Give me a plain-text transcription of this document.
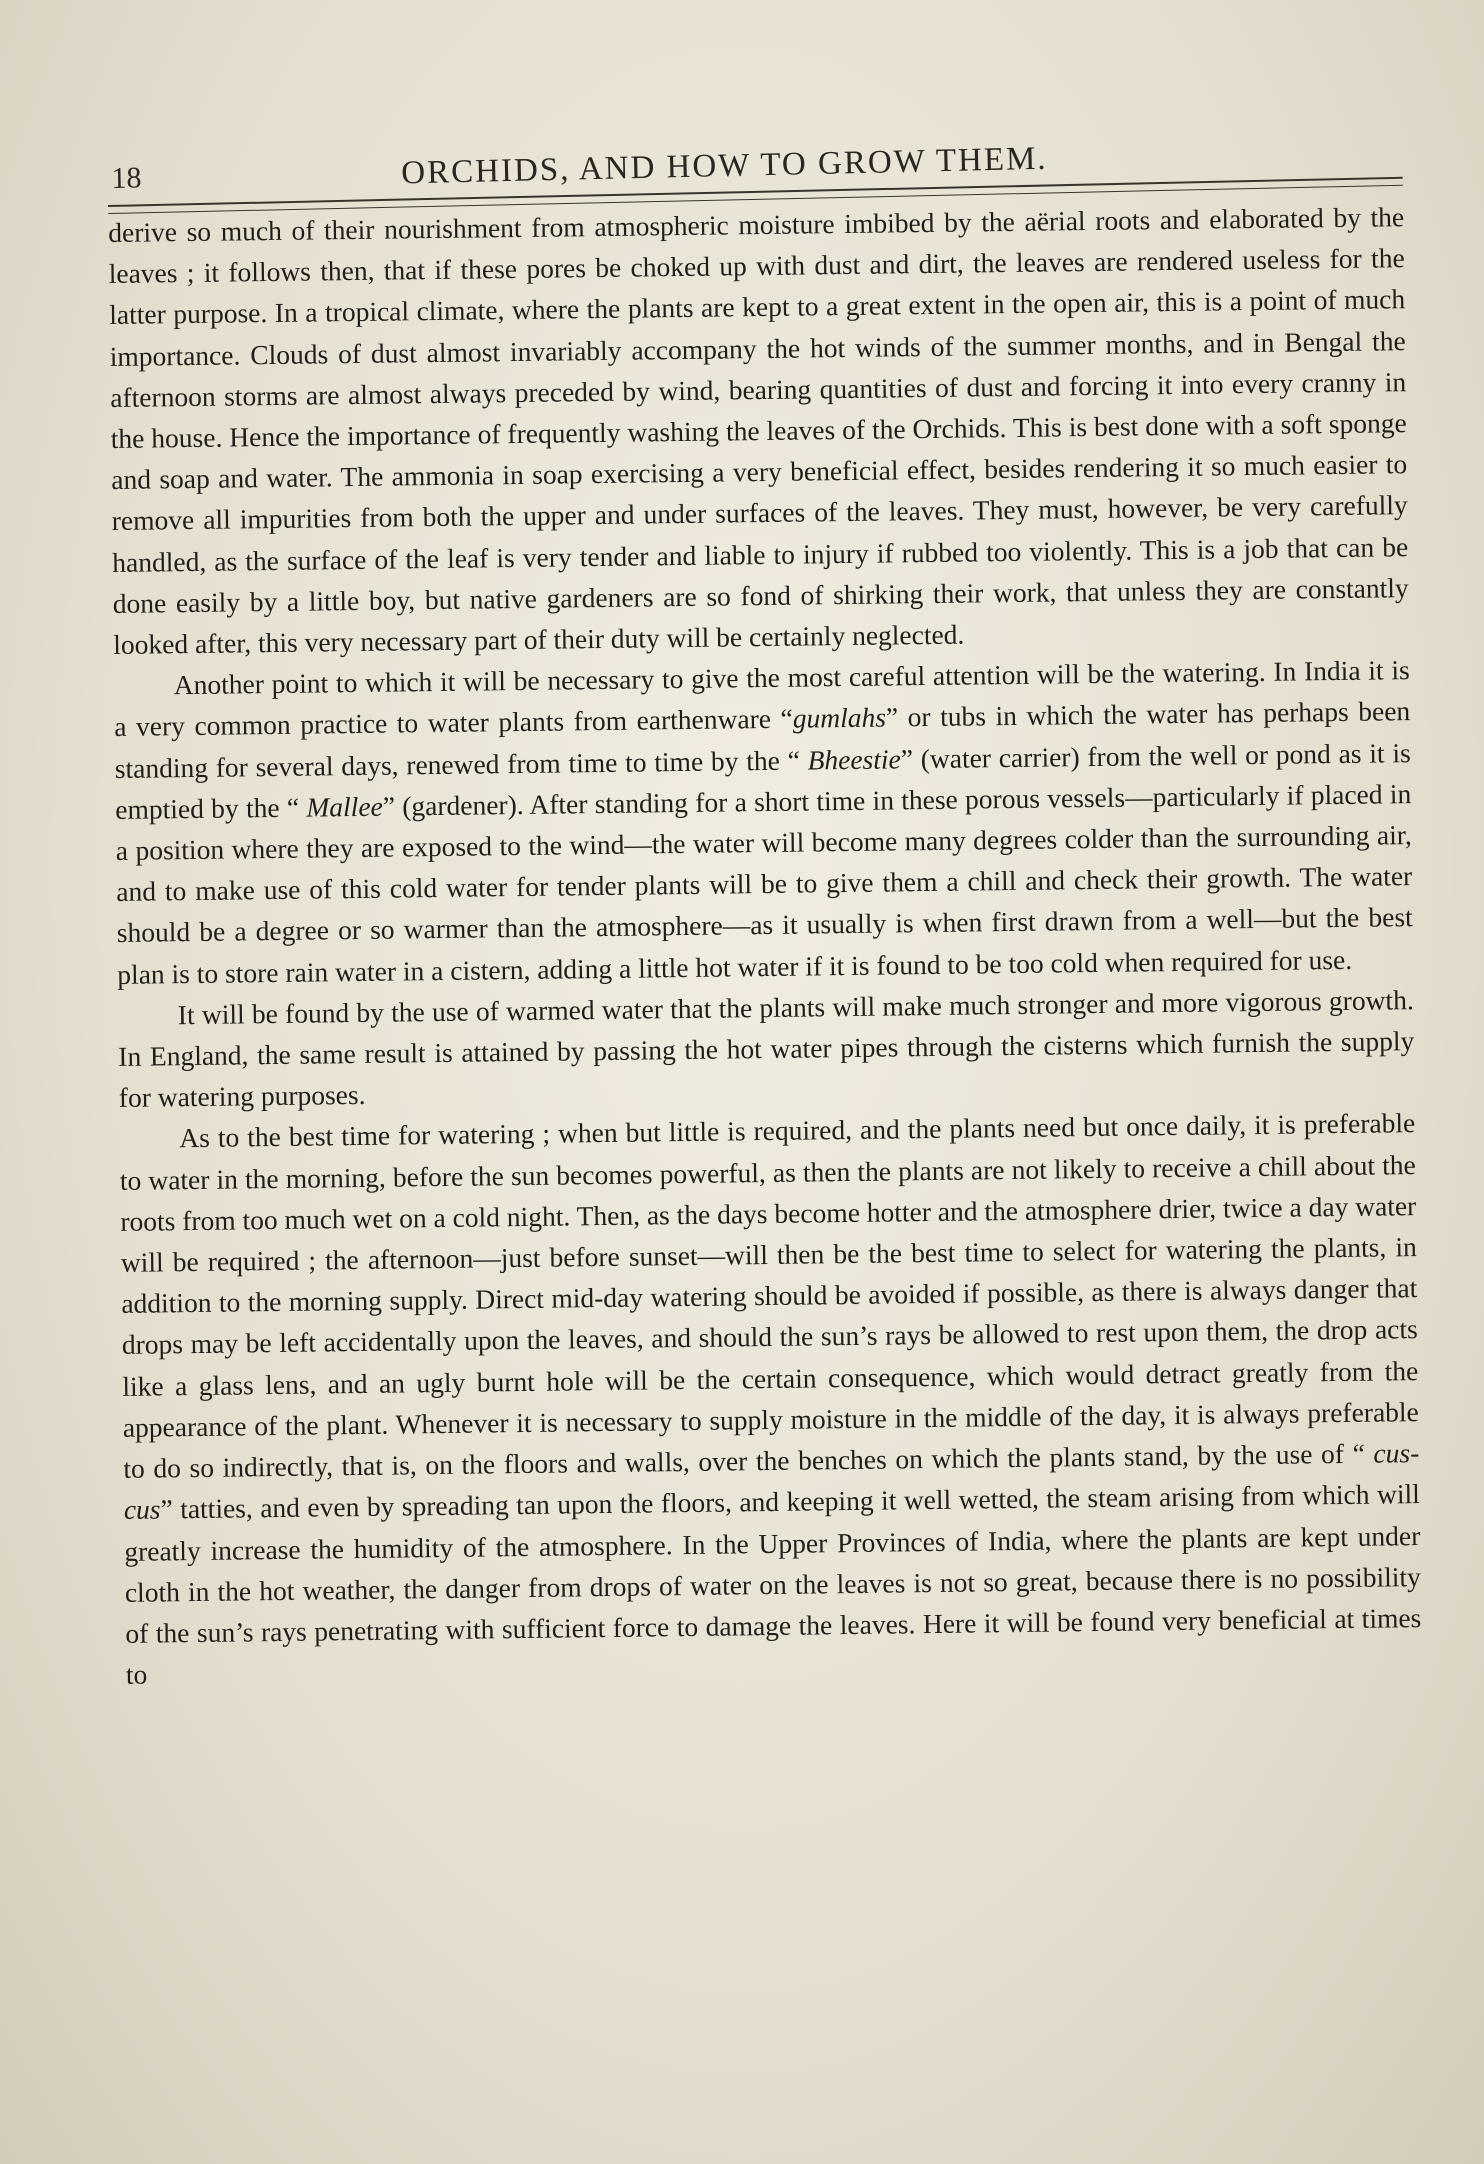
18	ORCHIDS, AND HOW TO GROW THEM.

derive so much of their nourishment from atmospheric moisture imbibed by the aërial roots and elaborated by the leaves ; it follows then, that if these pores be choked up with dust and dirt, the leaves are rendered useless for the latter purpose. In a tropical climate, where the plants are kept to a great extent in the open air, this is a point of much importance. Clouds of dust almost invariably accompany the hot winds of the summer months, and in Bengal the afternoon storms are almost always preceded by wind, bearing quantities of dust and forcing it into every cranny in the house. Hence the importance of frequently washing the leaves of the Orchids. This is best done with a soft sponge and soap and water. The ammonia in soap exercising a very beneficial effect, besides rendering it so much easier to remove all impurities from both the upper and under surfaces of the leaves. They must, however, be very carefully handled, as the surface of the leaf is very tender and liable to injury if rubbed too violently. This is a job that can be done easily by a little boy, but native gardeners are so fond of shirking their work, that unless they are constantly looked after, this very necessary part of their duty will be certainly neglected.

Another point to which it will be necessary to give the most careful attention will be the watering. In India it is a very common practice to water plants from earthenware “gumlahs” or tubs in which the water has perhaps been standing for several days, renewed from time to time by the “ Bheestie” (water carrier) from the well or pond as it is emptied by the “ Mallee” (gardener). After standing for a short time in these porous vessels—particularly if placed in a position where they are exposed to the wind—the water will become many degrees colder than the surrounding air, and to make use of this cold water for tender plants will be to give them a chill and check their growth. The water should be a degree or so warmer than the atmosphere—as it usually is when first drawn from a well—but the best plan is to store rain water in a cistern, adding a little hot water if it is found to be too cold when required for use.

It will be found by the use of warmed water that the plants will make much stronger and more vigorous growth. In England, the same result is attained by passing the hot water pipes through the cisterns which furnish the supply for watering purposes.

As to the best time for watering ; when but little is required, and the plants need but once daily, it is preferable to water in the morning, before the sun becomes powerful, as then the plants are not likely to receive a chill about the roots from too much wet on a cold night. Then, as the days become hotter and the atmosphere drier, twice a day water will be required ; the afternoon—just before sunset—will then be the best time to select for watering the plants, in addition to the morning supply. Direct mid-day watering should be avoided if possible, as there is always danger that drops may be left accidentally upon the leaves, and should the sun’s rays be allowed to rest upon them, the drop acts like a glass lens, and an ugly burnt hole will be the certain consequence, which would detract greatly from the appearance of the plant. Whenever it is necessary to supply moisture in the middle of the day, it is always preferable to do so indirectly, that is, on the floors and walls, over the benches on which the plants stand, by the use of “ cus-cus” tatties, and even by spreading tan upon the floors, and keeping it well wetted, the steam arising from which will greatly increase the humidity of the atmosphere. In the Upper Provinces of India, where the plants are kept under cloth in the hot weather, the danger from drops of water on the leaves is not so great, because there is no possibility of the sun’s rays penetrating with sufficient force to damage the leaves. Here it will be found very beneficial at times to
